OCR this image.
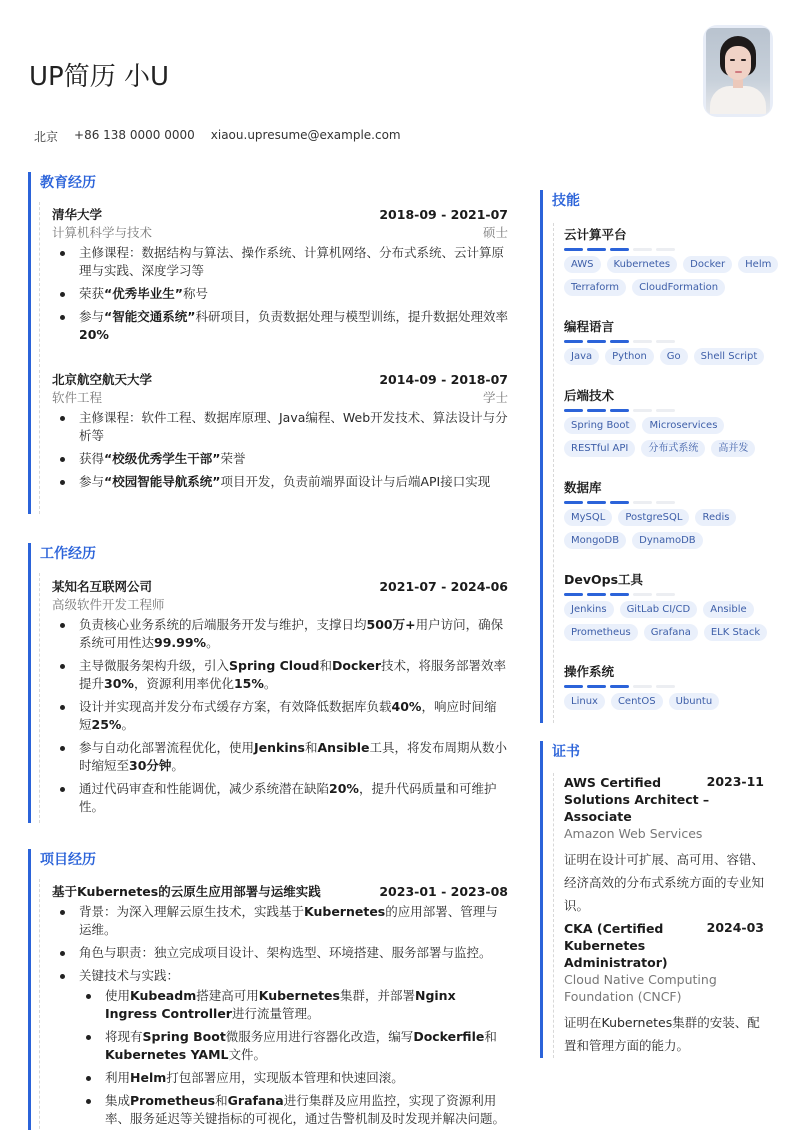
UP简历 小U
北京 +86 138 0000 0000 xiaou.upresume@example.com
教育经历
清华大学	2018-09 - 2021-07
计算机科学与技术	硕士
主修课程：数据结构与算法、操作系统、计算机网络、分布式系统、云计算原理与实践、深度学习等
荣获“优秀毕业生”称号
参与“智能交通系统”科研项目，负责数据处理与模型训练，提升数据处理效率20%
北京航空航天大学	2014-09 - 2018-07
软件工程	学士
主修课程：软件工程、数据库原理、Java编程、Web开发技术、算法设计与分析等
获得“校级优秀学生干部”荣誉
参与“校园智能导航系统”项目开发，负责前端界面设计与后端API接口实现
工作经历
某知名互联网公司	2021-07 - 2024-06
高级软件开发工程师
负责核心业务系统的后端服务开发与维护，支撑日均500万+用户访问，确保系统可用性达99.99%。
主导微服务架构升级，引入Spring Cloud和Docker技术，将服务部署效率提升30%，资源利用率优化15%。
设计并实现高并发分布式缓存方案，有效降低数据库负载40%，响应时间缩短25%。
参与自动化部署流程优化，使用Jenkins和Ansible工具，将发布周期从数小时缩短至30分钟。
通过代码审查和性能调优，减少系统潜在缺陷20%，提升代码质量和可维护性。
项目经历
基于Kubernetes的云原生应用部署与运维实践	2023-01 - 2023-08
背景：为深入理解云原生技术，实践基于Kubernetes的应用部署、管理与运维。
角色与职责：独立完成项目设计、架构选型、环境搭建、服务部署与监控。
关键技术与实践：
使用Kubeadm搭建高可用Kubernetes集群，并部署Nginx Ingress Controller进行流量管理。
将现有Spring Boot微服务应用进行容器化改造，编写Dockerfile和Kubernetes YAML文件。
利用Helm打包部署应用，实现版本管理和快速回滚。
集成Prometheus和Grafana进行集群及应用监控，实现了资源利用率、服务延迟等关键指标的可视化，通过告警机制及时发现并解决问题。
技能
云计算平台
AWS	Kubernetes	Docker	Helm
Terraform	CloudFormation
编程语言
Java	Python	Go	Shell Script
后端技术
Spring Boot	Microservices
RESTful API	分布式系统	高并发
数据库
MySQL	PostgreSQL	Redis
MongoDB	DynamoDB
DevOps工具
Jenkins	GitLab CI/CD	Ansible
Prometheus	Grafana	ELK Stack
操作系统
Linux	CentOS	Ubuntu
证书
AWS Certified Solutions Architect – Associate
2023-11
Amazon Web Services
证明在设计可扩展、高可用、容错、经济高效的分布式系统方面的专业知识。
CKA (Certified Kubernetes Administrator)
2024-03
Cloud Native Computing Foundation (CNCF)
证明在Kubernetes集群的安装、配置和管理方面的能力。
